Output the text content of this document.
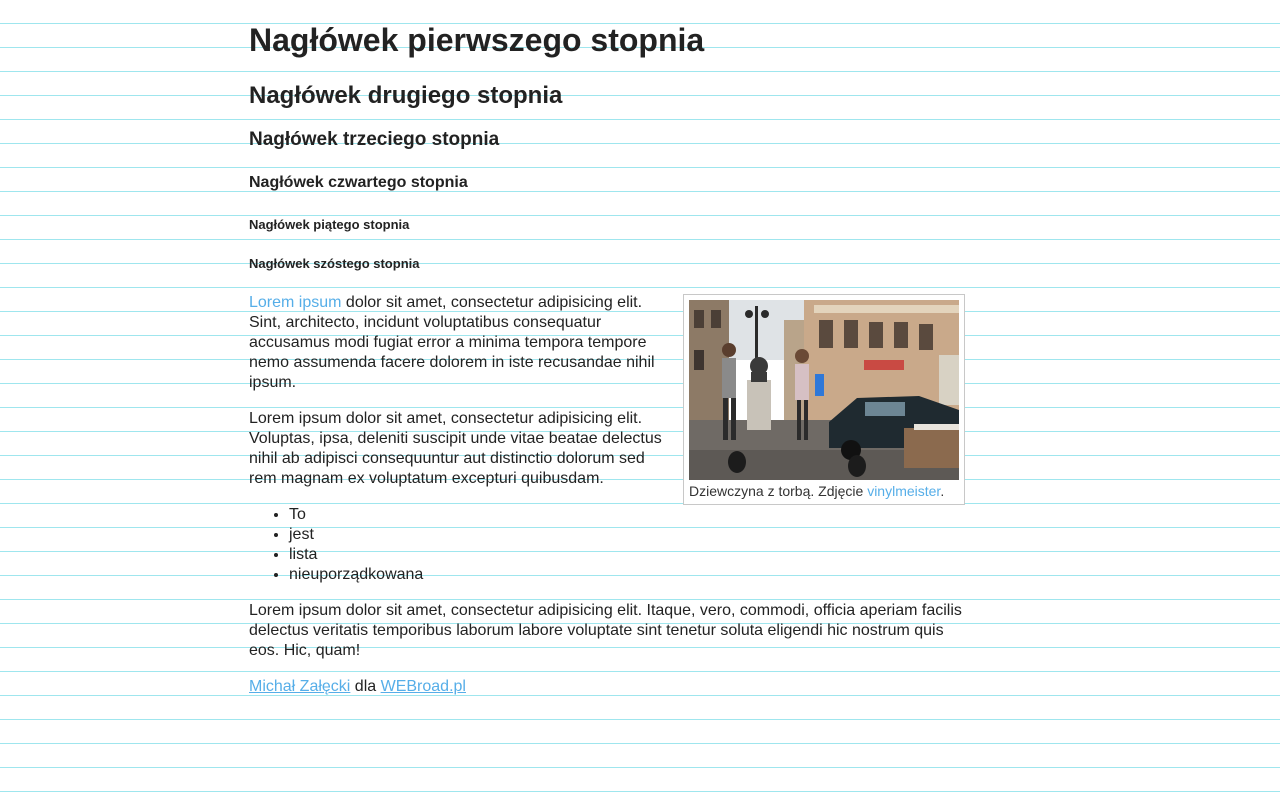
Nagłówek pierwszego stopnia
Nagłówek drugiego stopnia
Nagłówek trzeciego stopnia
Nagłówek czwartego stopnia
Nagłówek piątego stopnia
Nagłówek szóstego stopnia
Dziewczyna z torbą. Zdjęcie vinylmeister.

Lorem ipsum dolor sit amet, consectetur adipisicing elit. Sint, architecto, incidunt voluptatibus consequatur accusamus modi fugiat error a minima tempora tempore nemo assumenda facere dolorem in iste recusandae nihil ipsum.

Lorem ipsum dolor sit amet, consectetur adipisicing elit. Voluptas, ipsa, deleniti suscipit unde vitae beatae delectus nihil ab adipisci consequuntur aut distinctio dolorum sed rem magnam ex voluptatum excepturi quibusdam.

• To
• jest
• lista
• nieuporządkowana

Lorem ipsum dolor sit amet, consectetur adipisicing elit. Itaque, vero, commodi, officia aperiam facilis delectus veritatis temporibus laborum labore voluptate sint tenetur soluta eligendi hic nostrum quis eos. Hic, quam!

Michał Załęcki dla WEBroad.pl
